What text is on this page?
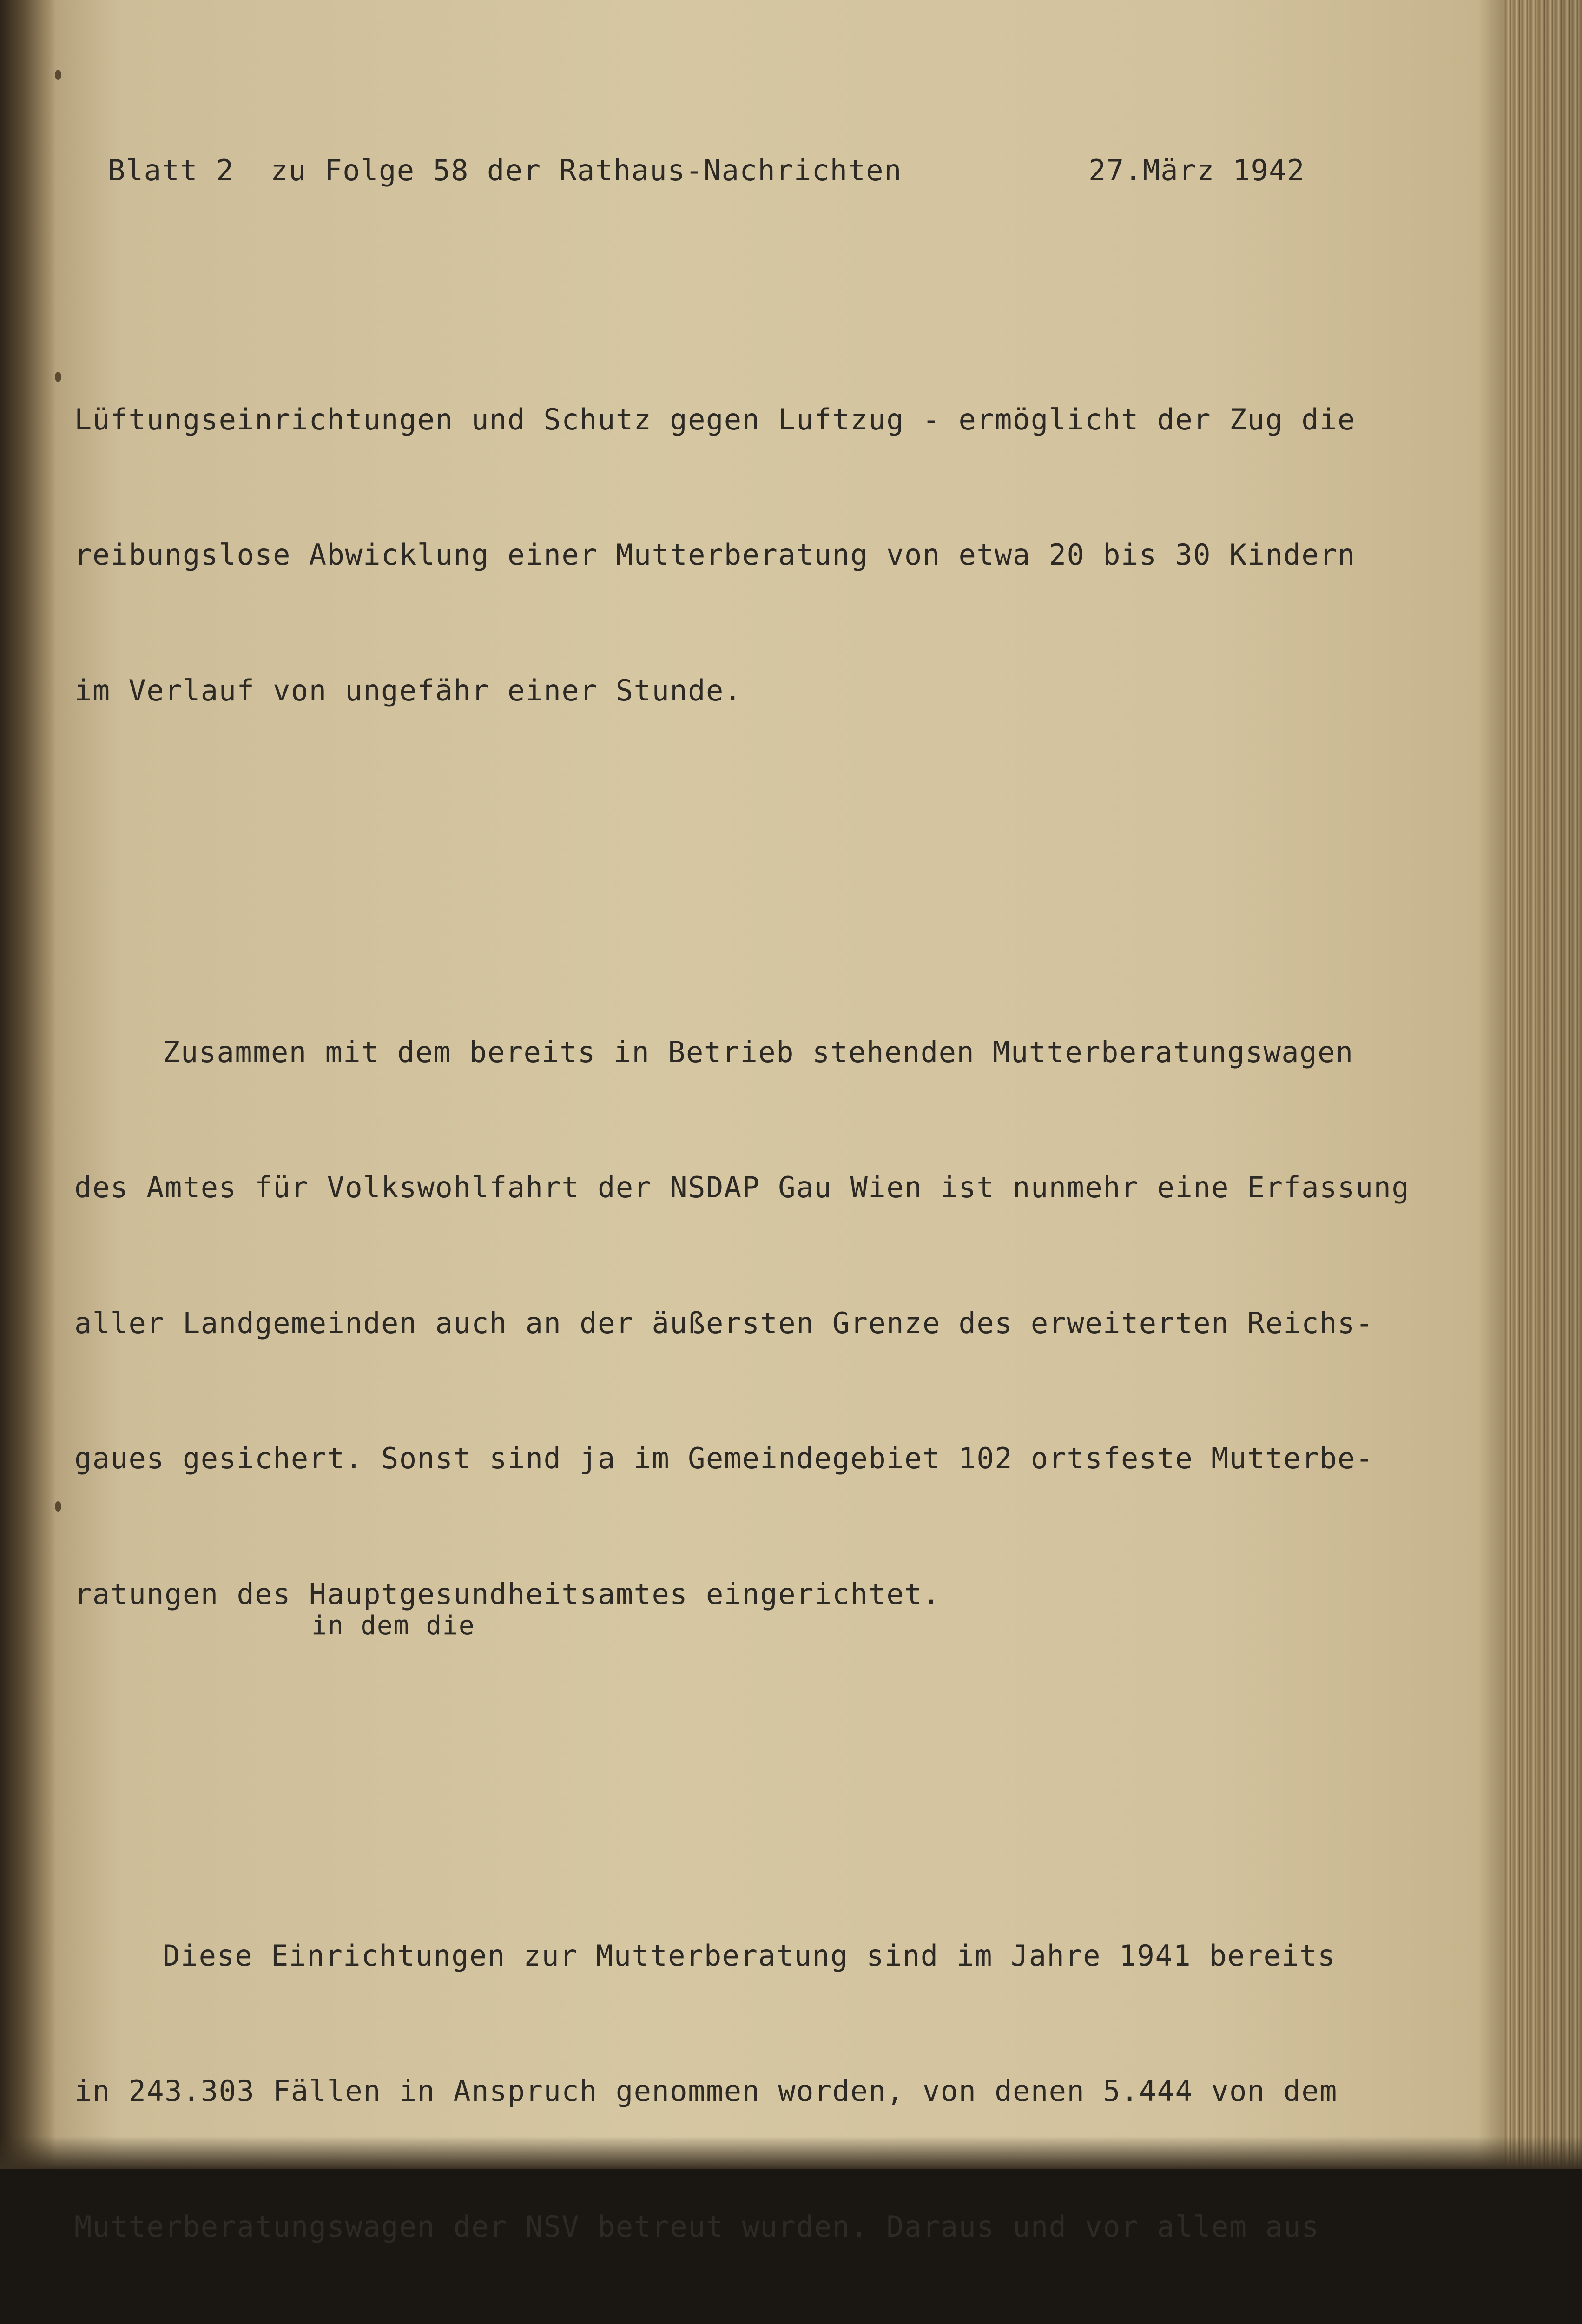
Blatt 2 zu Folge 58 der Rathaus-Nachrichten	27.März 1942

Lüftungseinrichtungen und Schutz gegen Luftzug - ermöglicht der Zug die

reibungslose Abwicklung einer Mutterberatung von etwa 20 bis 30 Kindern

im Verlauf von ungefähr einer Stunde.

Zusammen mit dem bereits in Betrieb stehenden Mutterberatungswagen

des Amtes für Volkswohlfahrt der NSDAP Gau Wien ist nunmehr eine Erfassung

aller Landgemeinden auch an der äußersten Grenze des erweiterten Reichs-

gaues gesichert. Sonst sind ja im Gemeindegebiet 102 ortsfeste Mutterbe-

ratungen des Hauptgesundheitsamtes eingerichtet.

Diese Einrichtungen zur Mutterberatung sind im Jahre 1941 bereits

in 243.303 Fällen in Anspruch genommen worden, von denen 5.444 von dem

Mutterberatungswagen der NSV betreut wurden. Daraus und vor allem aus

in dem die
